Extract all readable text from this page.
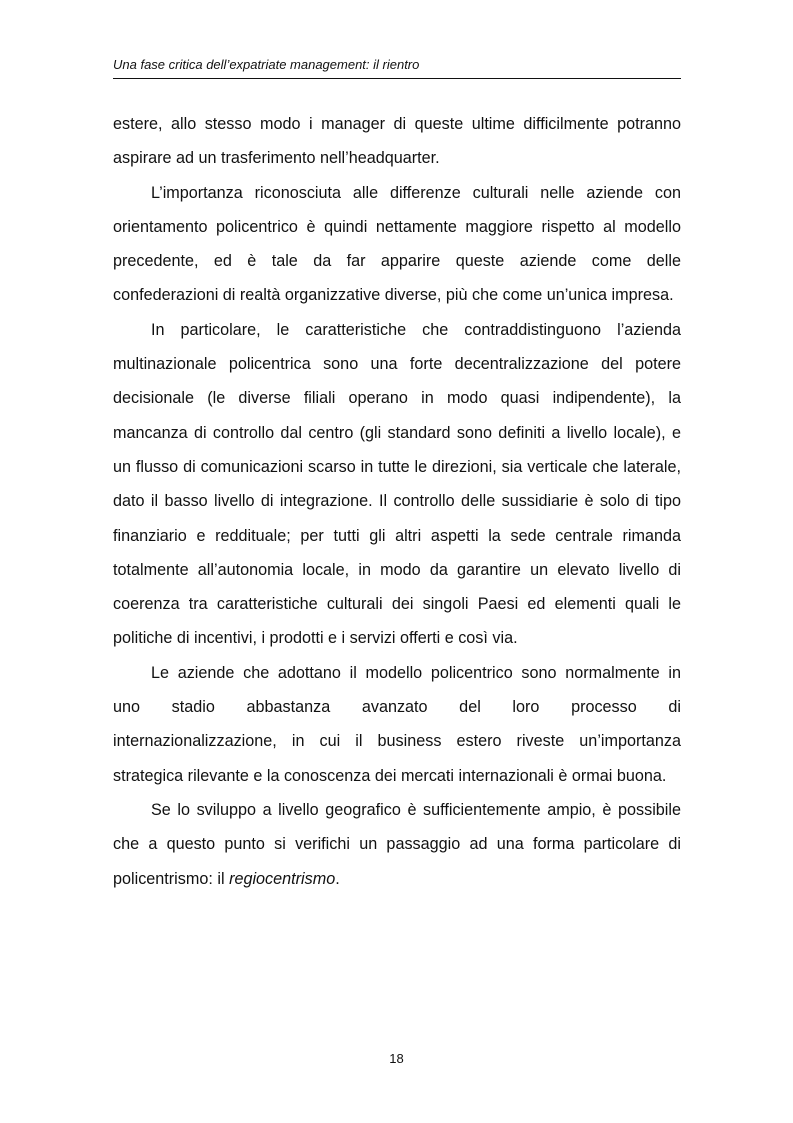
Una fase critica dell’expatriate management: il rientro

estere, allo stesso modo i manager di queste ultime difficilmente potranno aspirare ad un trasferimento nell’headquarter.

L’importanza riconosciuta alle differenze culturali nelle aziende con orientamento policentrico è quindi nettamente maggiore rispetto al modello precedente, ed è tale da far apparire queste aziende come delle confederazioni di realtà organizzative diverse, più che come un’unica impresa.

In particolare, le caratteristiche che contraddistinguono l’azienda multinazionale policentrica sono una forte decentralizzazione del potere decisionale (le diverse filiali operano in modo quasi indipendente), la mancanza di controllo dal centro (gli standard sono definiti a livello locale), e un flusso di comunicazioni scarso in tutte le direzioni, sia verticale che laterale, dato il basso livello di integrazione. Il controllo delle sussidiarie è solo di tipo finanziario e reddituale; per tutti gli altri aspetti la sede centrale rimanda totalmente all’autonomia locale, in modo da garantire un elevato livello di coerenza tra caratteristiche culturali dei singoli Paesi ed elementi quali le politiche di incentivi, i prodotti e i servizi offerti e così via.

Le aziende che adottano il modello policentrico sono normalmente in

uno stadio abbastanza avanzato del loro processo di

internazionalizzazione, in cui il business estero riveste un’importanza strategica rilevante e la conoscenza dei mercati internazionali è ormai buona.

Se lo sviluppo a livello geografico è sufficientemente ampio, è possibile che a questo punto si verifichi un passaggio ad una forma particolare di policentrismo: il regiocentrismo.

18
